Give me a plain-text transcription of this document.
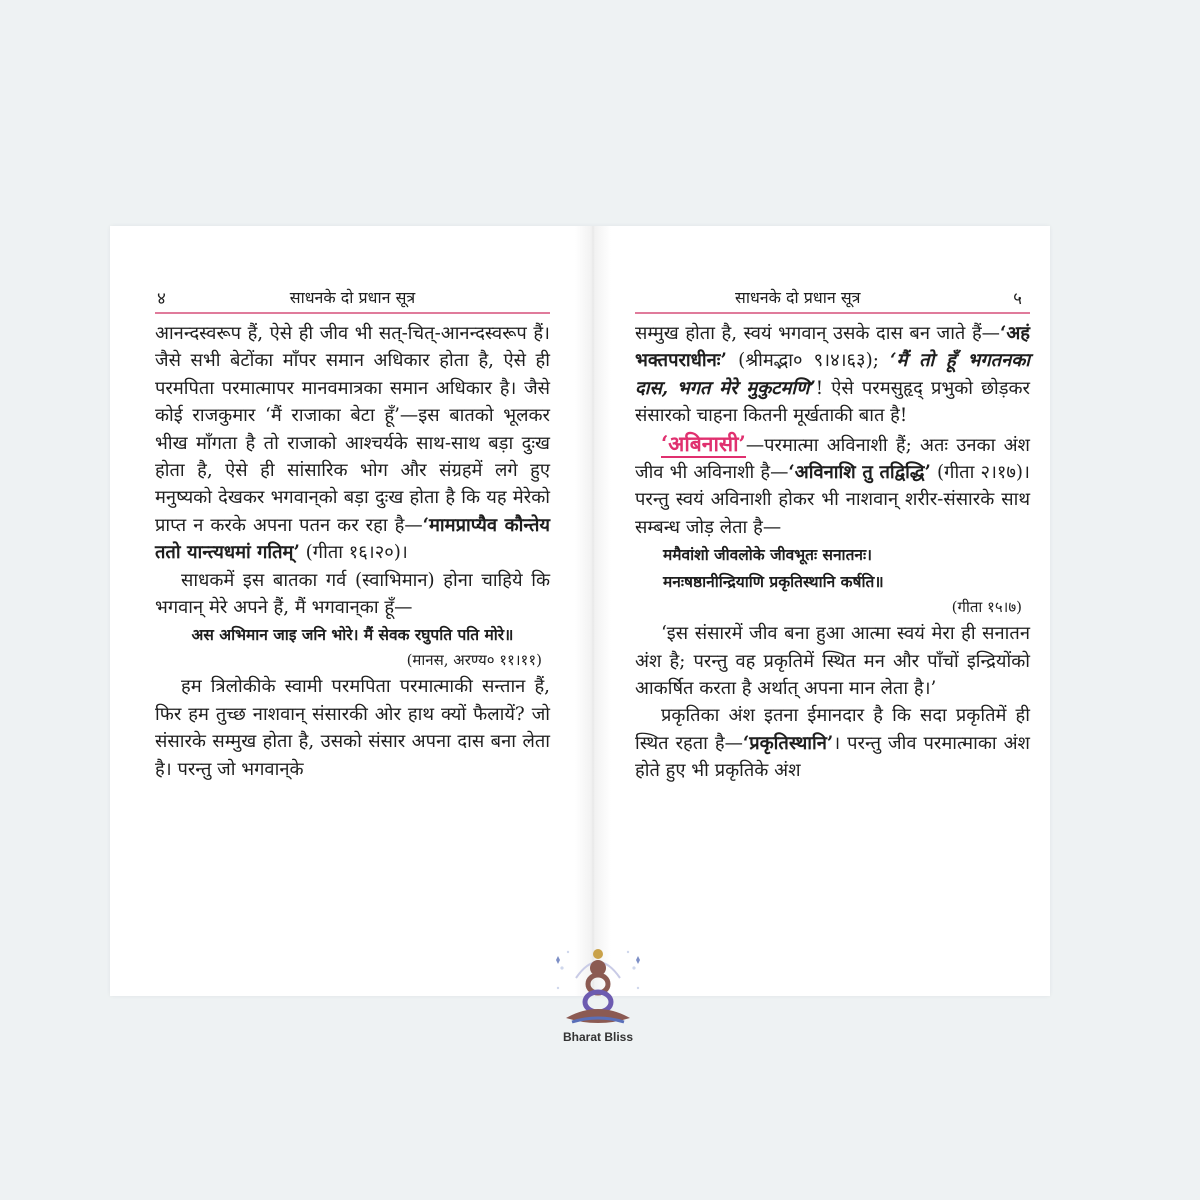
४	साधनके दो प्रधान सूत्र

आनन्दस्वरूप हैं, ऐसे ही जीव भी सत्-चित्-आनन्दस्वरूप हैं। जैसे सभी बेटोंका माँपर समान अधिकार होता है, ऐसे ही परमपिता परमात्मापर मानवमात्रका समान अधिकार है। जैसे कोई राजकुमार ‘मैं राजाका बेटा हूँ’—इस बातको भूलकर भीख माँगता है तो राजाको आश्चर्यके साथ-साथ बड़ा दुःख होता है, ऐसे ही सांसारिक भोग और संग्रहमें लगे हुए मनुष्यको देखकर भगवान्‌को बड़ा दुःख होता है कि यह मेरेको प्राप्त न करके अपना पतन कर रहा है—‘मामप्राप्यैव कौन्तेय ततो यान्त्यधमां गतिम्’ (गीता १६।२०)।

साधकमें इस बातका गर्व (स्वाभिमान) होना चाहिये कि भगवान् मेरे अपने हैं, मैं भगवान्‌का हूँ—

अस अभिमान जाइ जनि भोरे। मैं सेवक रघुपति पति मोरे॥
(मानस, अरण्य० ११।११)

हम त्रिलोकीके स्वामी परमपिता परमात्माकी सन्तान हैं, फिर हम तुच्छ नाशवान् संसारकी ओर हाथ क्यों फैलायें? जो संसारके सम्मुख होता है, उसको संसार अपना दास बना लेता है। परन्तु जो भगवान्‌के

साधनके दो प्रधान सूत्र	५

सम्मुख होता है, स्वयं भगवान् उसके दास बन जाते हैं—‘अहं भक्तपराधीनः’ (श्रीमद्भा० ९।४।६३); ‘मैं तो हूँ भगतनका दास, भगत मेरे मुकुटमणि’! ऐसे परमसुहृद् प्रभुको छोड़कर संसारको चाहना कितनी मूर्खताकी बात है!

‘अबिनासी’—परमात्मा अविनाशी हैं; अतः उनका अंश जीव भी अविनाशी है—‘अविनाशि तु तद्विद्धि’ (गीता २।१७)। परन्तु स्वयं अविनाशी होकर भी नाशवान् शरीर-संसारके साथ सम्बन्ध जोड़ लेता है—

ममैवांशो जीवलोके जीवभूतः सनातनः।
मनःषष्ठानीन्द्रियाणि प्रकृतिस्थानि कर्षति॥
(गीता १५।७)

‘इस संसारमें जीव बना हुआ आत्मा स्वयं मेरा ही सनातन अंश है; परन्तु वह प्रकृतिमें स्थित मन और पाँचों इन्द्रियोंको आकर्षित करता है अर्थात् अपना मान लेता है।’

प्रकृतिका अंश इतना ईमानदार है कि सदा प्रकृतिमें ही स्थित रहता है—‘प्रकृतिस्थानि’। परन्तु जीव परमात्माका अंश होते हुए भी प्रकृतिके अंश

Bharat Bliss
